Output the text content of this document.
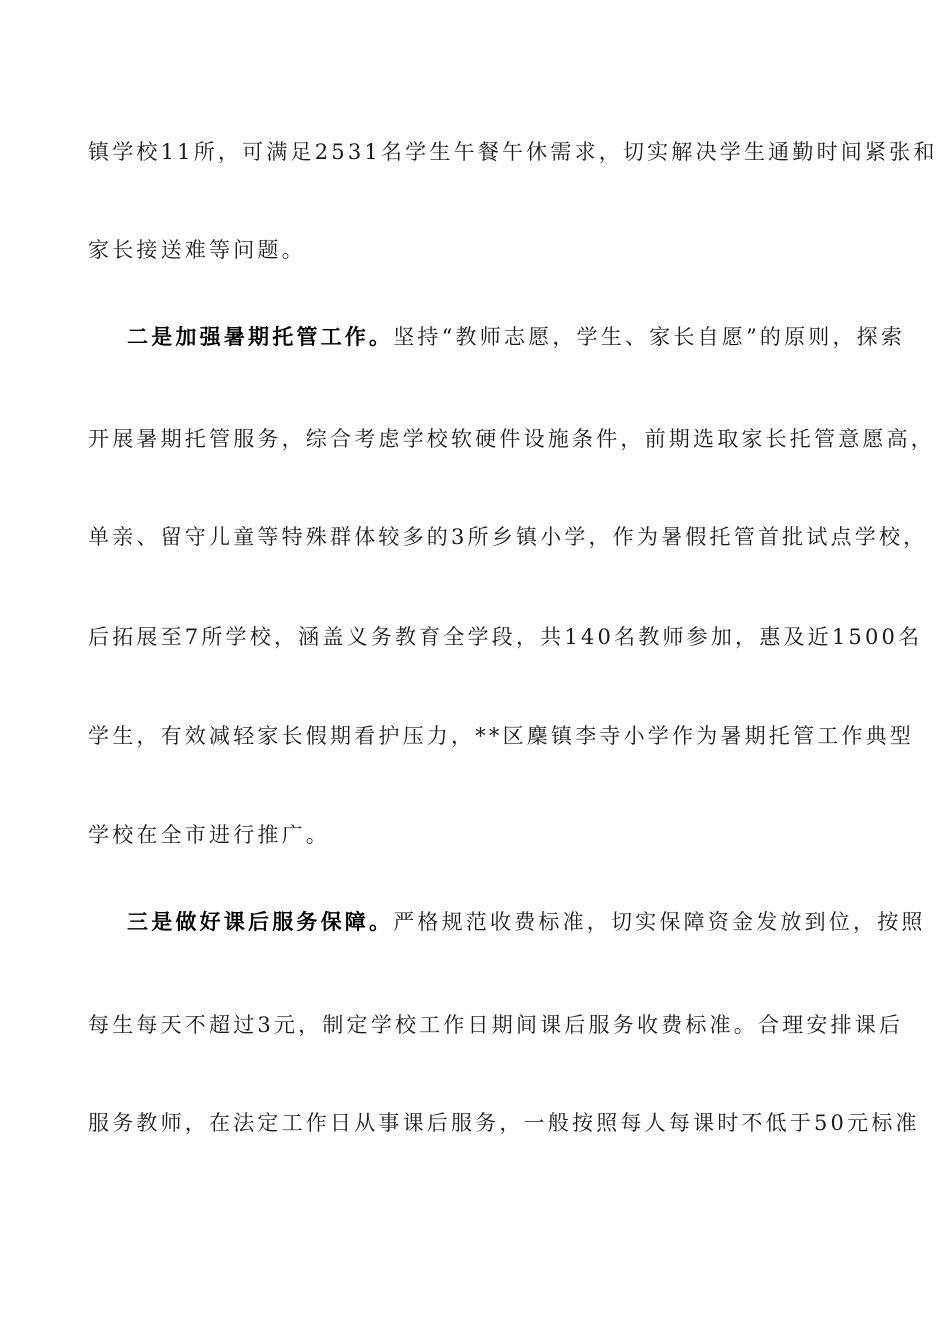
镇学校11所，可满足2531名学生午餐午休需求，切实解决学生通勤时间紧张和
家长接送难等问题。
二是加强暑期托管工作。坚持“教师志愿，学生、家长自愿”的原则，探索
开展暑期托管服务，综合考虑学校软硬件设施条件，前期选取家长托管意愿高，
单亲、留守儿童等特殊群体较多的3所乡镇小学，作为暑假托管首批试点学校，
后拓展至7所学校，涵盖义务教育全学段，共140名教师参加，惠及近1500名
学生，有效减轻家长假期看护压力，**区麇镇李寺小学作为暑期托管工作典型
学校在全市进行推广。
三是做好课后服务保障。严格规范收费标准，切实保障资金发放到位，按照
每生每天不超过3元，制定学校工作日期间课后服务收费标准。合理安排课后
服务教师，在法定工作日从事课后服务，一般按照每人每课时不低于50元标准
